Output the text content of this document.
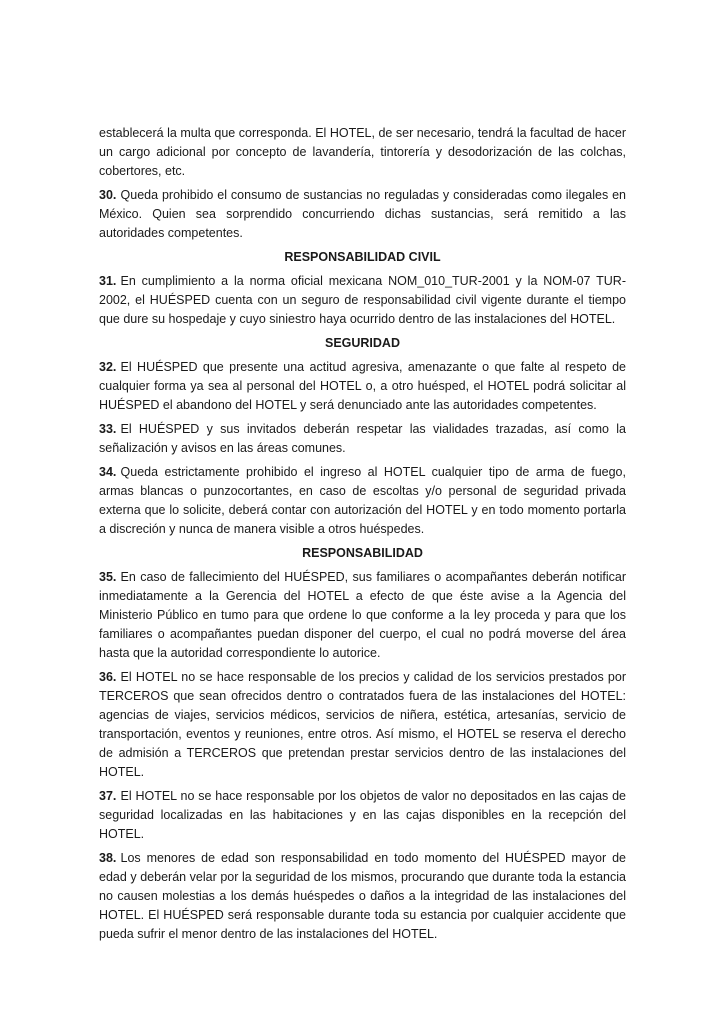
establecerá la multa que corresponda. El HOTEL, de ser necesario, tendrá la facultad de hacer un cargo adicional por concepto de lavandería, tintorería y desodorización de las colchas, cobertores, etc.

30. Queda prohibido el consumo de sustancias no reguladas y consideradas como ilegales en México. Quien sea sorprendido concurriendo dichas sustancias, será remitido a las autoridades competentes.

RESPONSABILIDAD CIVIL

31. En cumplimiento a la norma oficial mexicana NOM_010_TUR-2001 y la NOM-07 TUR-2002, el HUÉSPED cuenta con un seguro de responsabilidad civil vigente durante el tiempo que dure su hospedaje y cuyo siniestro haya ocurrido dentro de las instalaciones del HOTEL.

SEGURIDAD

32. El HUÉSPED que presente una actitud agresiva, amenazante o que falte al respeto de cualquier forma ya sea al personal del HOTEL o, a otro huésped, el HOTEL podrá solicitar al HUÉSPED el abandono del HOTEL y será denunciado ante las autoridades competentes.

33. El HUÉSPED y sus invitados deberán respetar las vialidades trazadas, así como la señalización y avisos en las áreas comunes.

34. Queda estrictamente prohibido el ingreso al HOTEL cualquier tipo de arma de fuego, armas blancas o punzocortantes, en caso de escoltas y/o personal de seguridad privada externa que lo solicite, deberá contar con autorización del HOTEL y en todo momento portarla a discreción y nunca de manera visible a otros huéspedes.

RESPONSABILIDAD

35. En caso de fallecimiento del HUÉSPED, sus familiares o acompañantes deberán notificar inmediatamente a la Gerencia del HOTEL a efecto de que éste avise a la Agencia del Ministerio Público en tumo para que ordene lo que conforme a la ley proceda y para que los familiares o acompañantes puedan disponer del cuerpo, el cual no podrá moverse del área hasta que la autoridad correspondiente lo autorice.

36. El HOTEL no se hace responsable de los precios y calidad de los servicios prestados por TERCEROS que sean ofrecidos dentro o contratados fuera de las instalaciones del HOTEL: agencias de viajes, servicios médicos, servicios de niñera, estética, artesanías, servicio de transportación, eventos y reuniones, entre otros. Así mismo, el HOTEL se reserva el derecho de admisión a TERCEROS que pretendan prestar servicios dentro de las instalaciones del HOTEL.

37. El HOTEL no se hace responsable por los objetos de valor no depositados en las cajas de seguridad localizadas en las habitaciones y en las cajas disponibles en la recepción del HOTEL.

38. Los menores de edad son responsabilidad en todo momento del HUÉSPED mayor de edad y deberán velar por la seguridad de los mismos, procurando que durante toda la estancia no causen molestias a los demás huéspedes o daños a la integridad de las instalaciones del HOTEL. El HUÉSPED será responsable durante toda su estancia por cualquier accidente que pueda sufrir el menor dentro de las instalaciones del HOTEL.
